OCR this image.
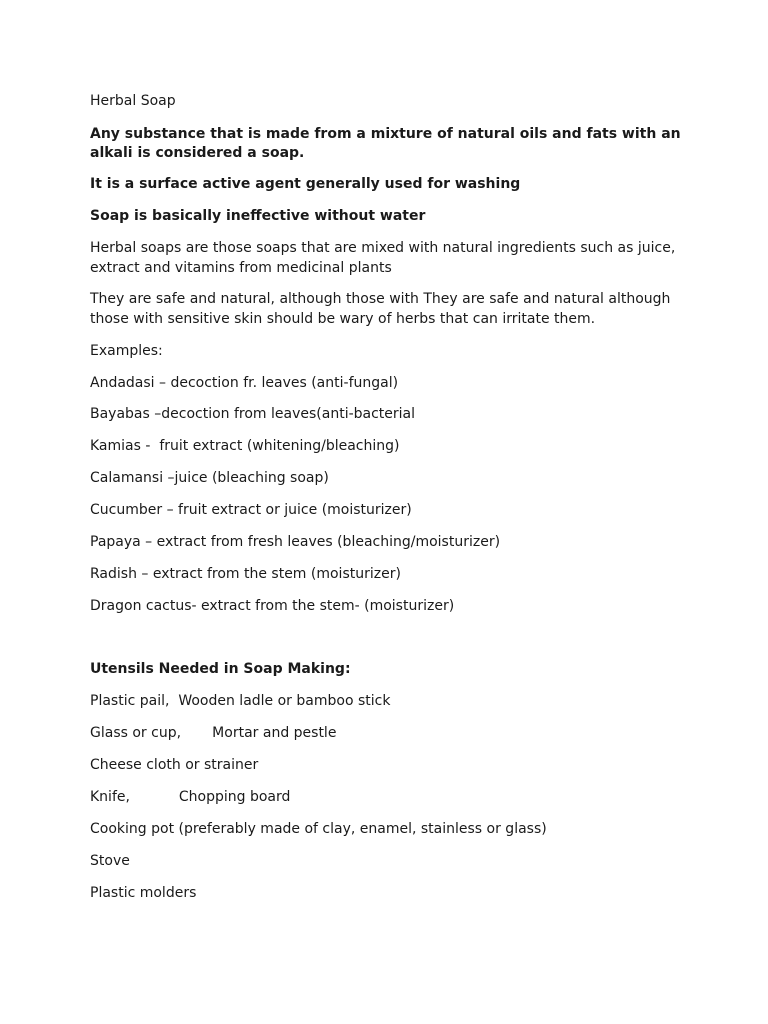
Herbal Soap
Any substance that is made from a mixture of natural oils and fats with an
alkali is considered a soap.
It is a surface active agent generally used for washing
Soap is basically ineffective without water
Herbal soaps are those soaps that are mixed with natural ingredients such as juice,
extract and vitamins from medicinal plants
They are safe and natural, although those with They are safe and natural although
those with sensitive skin should be wary of herbs that can irritate them.
Examples:
Andadasi – decoction fr. leaves (anti-fungal)
Bayabas –decoction from leaves(anti-bacterial
Kamias -  fruit extract (whitening/bleaching)
Calamansi –juice (bleaching soap)
Cucumber – fruit extract or juice (moisturizer)
Papaya – extract from fresh leaves (bleaching/moisturizer)
Radish – extract from the stem (moisturizer)
Dragon cactus- extract from the stem- (moisturizer)
Utensils Needed in Soap Making:
Plastic pail,  Wooden ladle or bamboo stick
Glass or cup,       Mortar and pestle
Cheese cloth or strainer
Knife,           Chopping board
Cooking pot (preferably made of clay, enamel, stainless or glass)
Stove
Plastic molders
